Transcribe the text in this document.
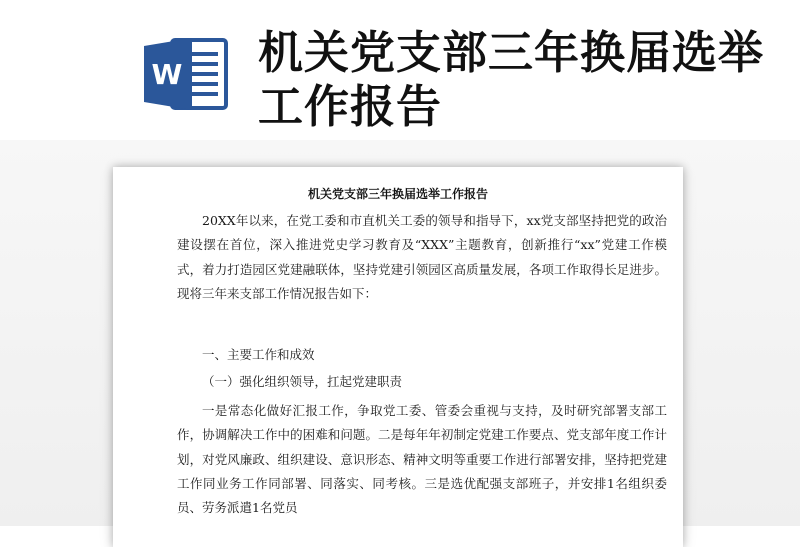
W 机关党支部三年换届选举工作报告
机关党支部三年换届选举工作报告

20XX年以来，在党工委和市直机关工委的领导和指导下，xx党支部坚持把党的政治建设摆在首位，深入推进党史学习教育及“XXX”主题教育，创新推行“xx”党建工作模式，着力打造园区党建融联体，坚持党建引领园区高质量发展，各项工作取得长足进步。现将三年来支部工作情况报告如下：

一、主要工作和成效

（一）强化组织领导，扛起党建职责

一是常态化做好汇报工作，争取党工委、管委会重视与支持，及时研究部署支部工作，协调解决工作中的困难和问题。二是每年年初制定党建工作要点、党支部年度工作计划，对党风廉政、组织建设、意识形态、精神文明等重要工作进行部署安排，坚持把党建工作同业务工作同部署、同落实、同考核。三是选优配强支部班子，并安排1名组织委员、劳务派遣1名党员
